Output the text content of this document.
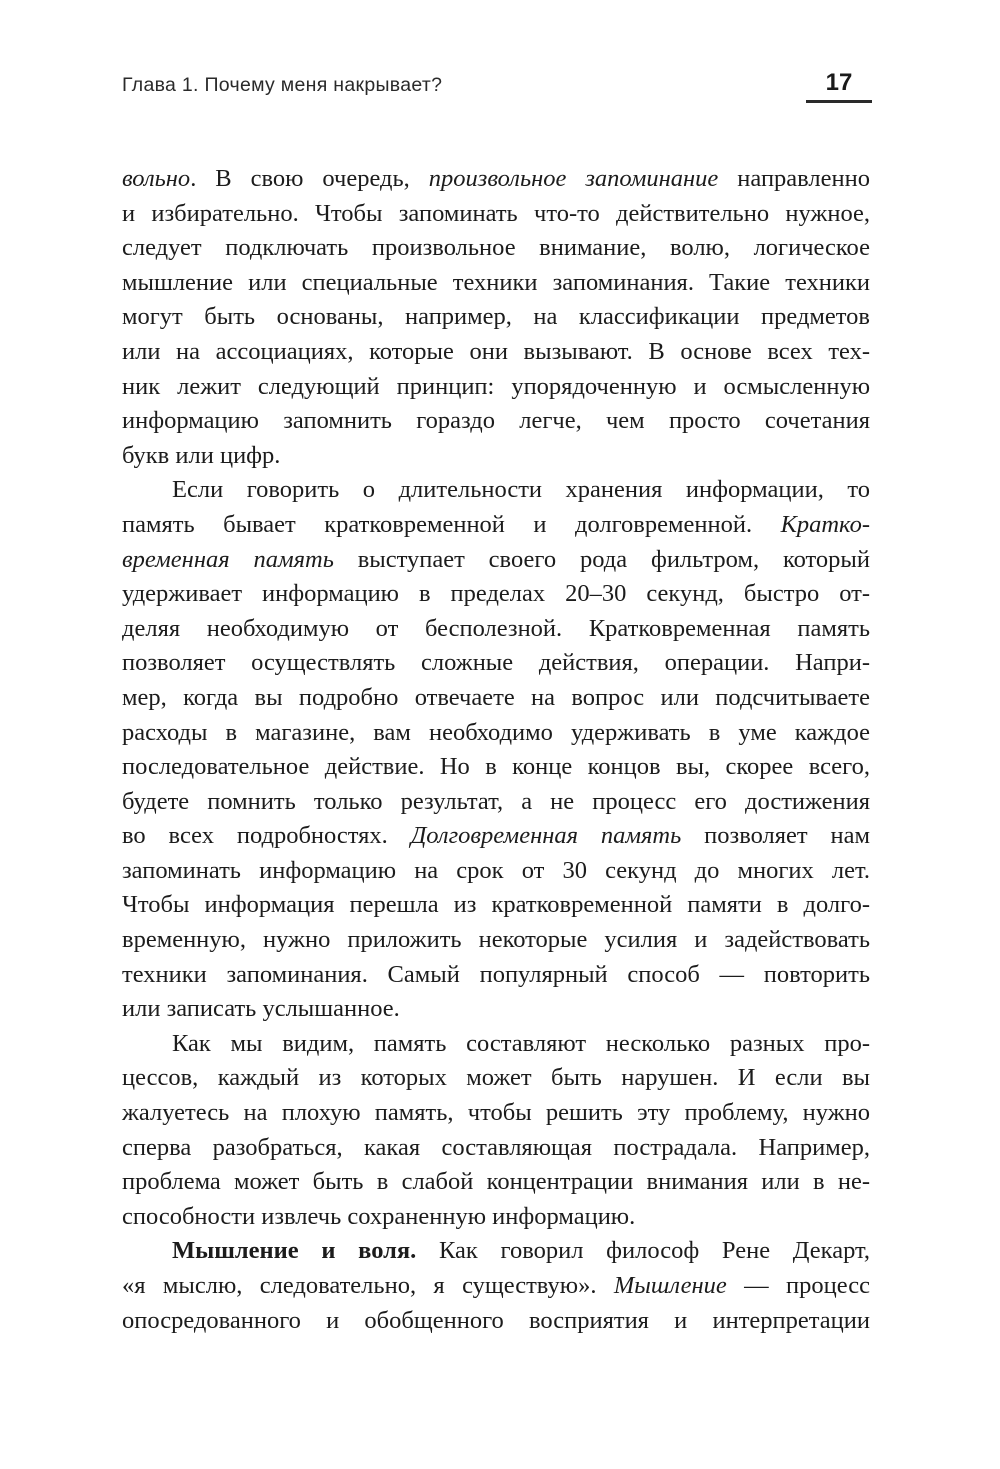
Глава 1. Почему меня накрывает?	17
вольно. В свою очередь, произвольное запоминание направленно
и избирательно. Чтобы запоминать что-то действительно нужное,
следует подключать произвольное внимание, волю, логическое
мышление или специальные техники запоминания. Такие техники
могут быть основаны, например, на классификации предметов
или на ассоциациях, которые они вызывают. В основе всех тех-
ник лежит следующий принцип: упорядоченную и осмысленную
информацию запомнить гораздо легче, чем просто сочетания
букв или цифр.
Если говорить о длительности хранения информации, то
память бывает кратковременной и долговременной. Кратко-
временная память выступает своего рода фильтром, который
удерживает информацию в пределах 20–30 секунд, быстро от-
деляя необходимую от бесполезной. Кратковременная память
позволяет осуществлять сложные действия, операции. Напри-
мер, когда вы подробно отвечаете на вопрос или подсчитываете
расходы в магазине, вам необходимо удерживать в уме каждое
последовательное действие. Но в конце концов вы, скорее всего,
будете помнить только результат, а не процесс его достижения
во всех подробностях. Долговременная память позволяет нам
запоминать информацию на срок от 30 секунд до многих лет.
Чтобы информация перешла из кратковременной памяти в долго-
временную, нужно приложить некоторые усилия и задействовать
техники запоминания. Самый популярный способ — повторить
или записать услышанное.
Как мы видим, память составляют несколько разных про-
цессов, каждый из которых может быть нарушен. И если вы
жалуетесь на плохую память, чтобы решить эту проблему, нужно
сперва разобраться, какая составляющая пострадала. Например,
проблема может быть в слабой концентрации внимания или в не-
способности извлечь сохраненную информацию.
Мышление и воля. Как говорил философ Рене Декарт,
«я мыслю, следовательно, я существую». Мышление — процесс
опосредованного и обобщенного восприятия и интерпретации
